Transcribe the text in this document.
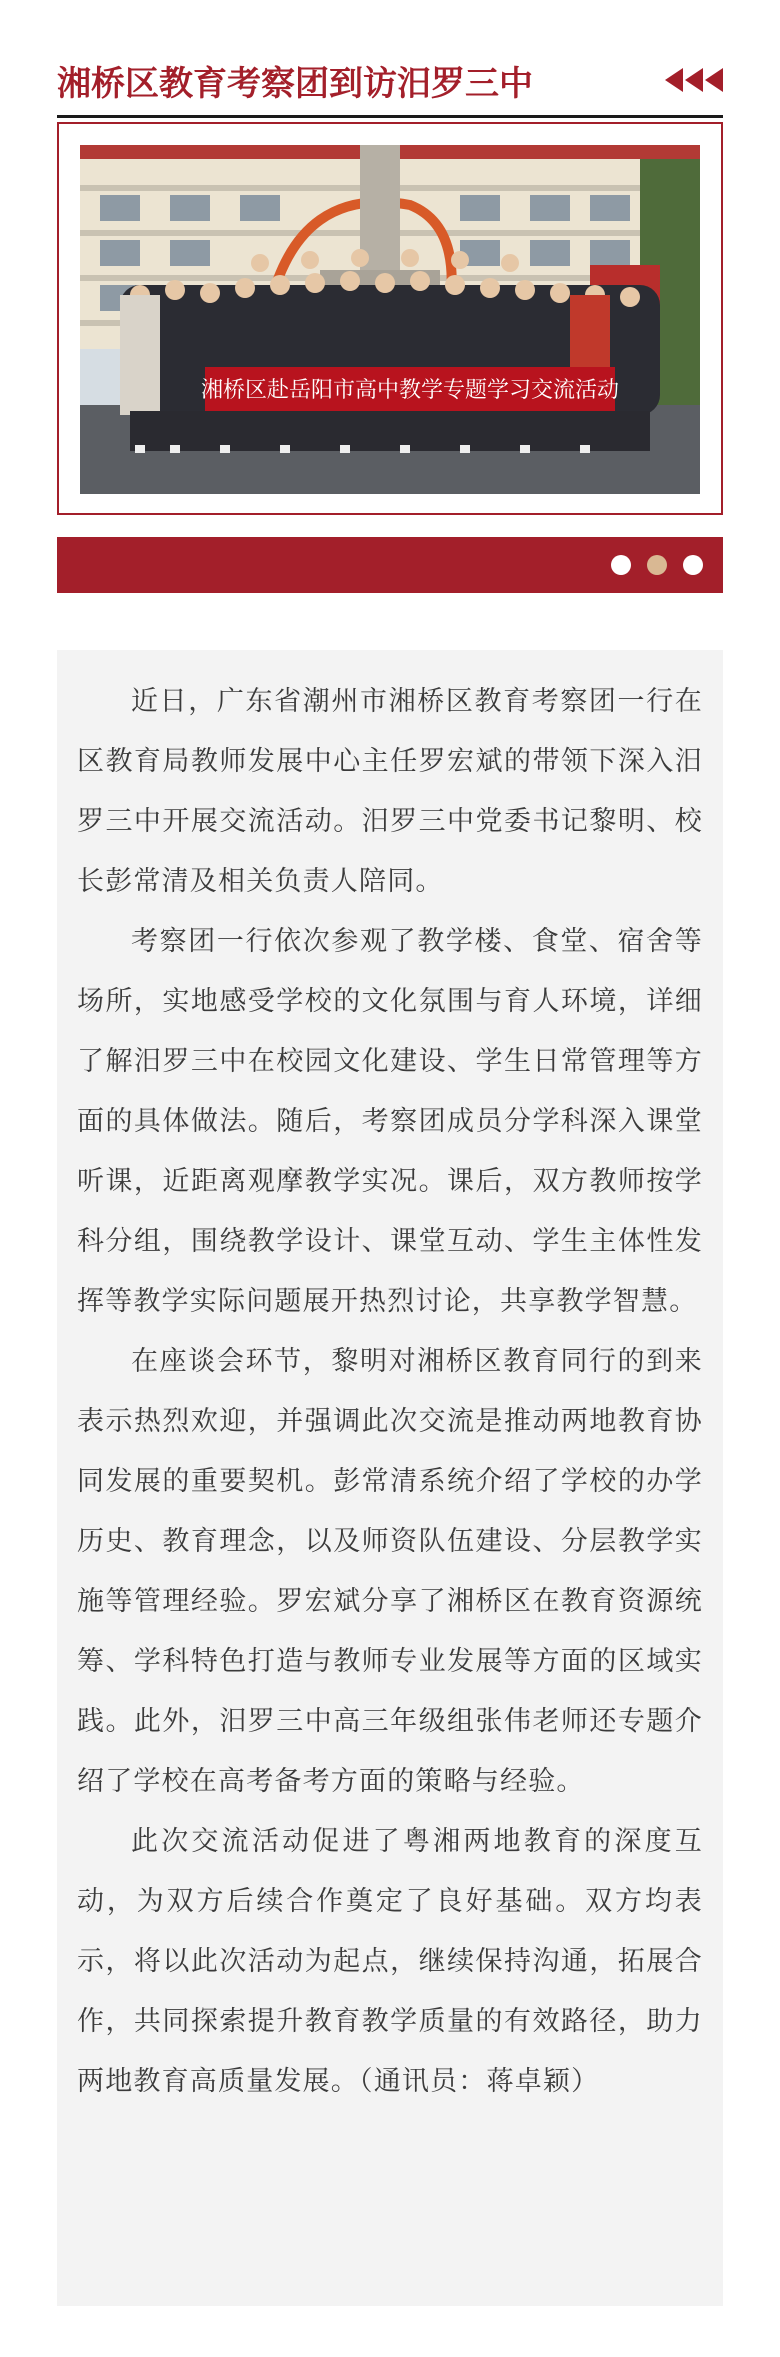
湘桥区教育考察团到访汨罗三中
湘桥区赴岳阳市高中教学专题学习交流活动

近日，广东省潮州市湘桥区教育考察团一行在区教育局教师发展中心主任罗宏斌的带领下深入汨罗三中开展交流活动。汨罗三中党委书记黎明、校长彭常清及相关负责人陪同。

考察团一行依次参观了教学楼、食堂、宿舍等场所，实地感受学校的文化氛围与育人环境，详细了解汨罗三中在校园文化建设、学生日常管理等方面的具体做法。随后，考察团成员分学科深入课堂听课，近距离观摩教学实况。课后，双方教师按学科分组，围绕教学设计、课堂互动、学生主体性发挥等教学实际问题展开热烈讨论，共享教学智慧。

在座谈会环节，黎明对湘桥区教育同行的到来表示热烈欢迎，并强调此次交流是推动两地教育协同发展的重要契机。彭常清系统介绍了学校的办学历史、教育理念，以及师资队伍建设、分层教学实施等管理经验。罗宏斌分享了湘桥区在教育资源统筹、学科特色打造与教师专业发展等方面的区域实践。此外，汨罗三中高三年级组张伟老师还专题介绍了学校在高考备考方面的策略与经验。

此次交流活动促进了粤湘两地教育的深度互动，为双方后续合作奠定了良好基础。双方均表示，将以此次活动为起点，继续保持沟通，拓展合作，共同探索提升教育教学质量的有效路径，助力两地教育高质量发展。（通讯员：蒋卓颖）
